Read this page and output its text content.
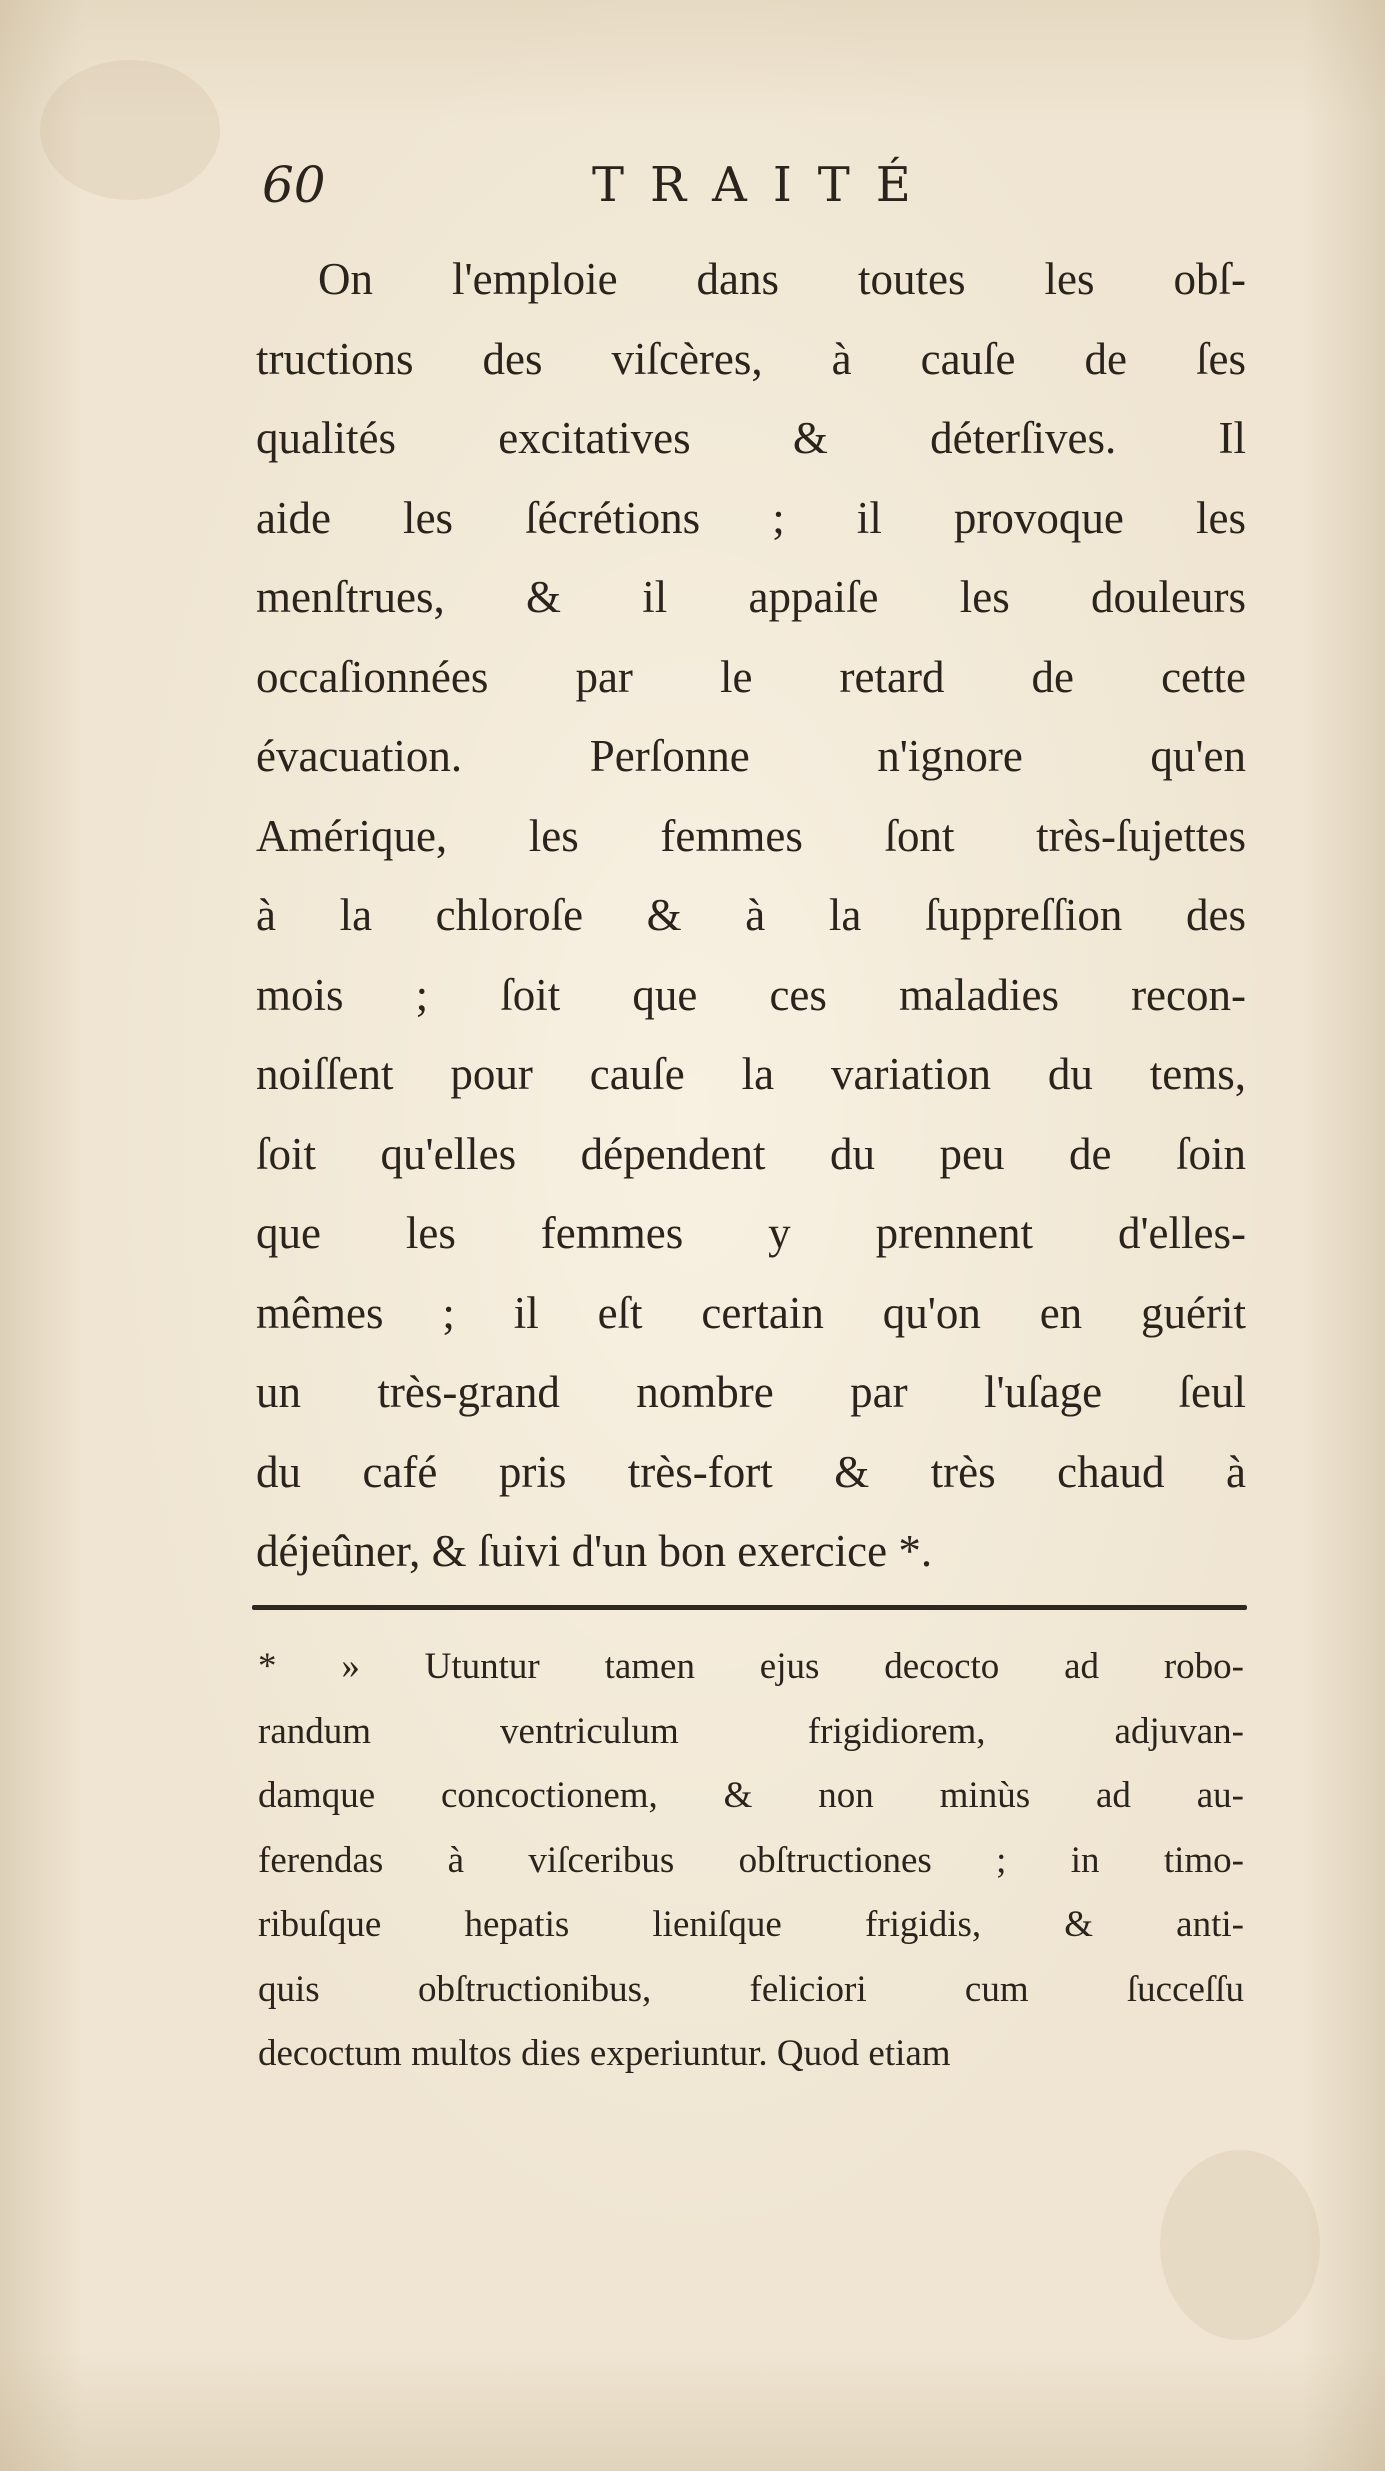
60	TRAITÉ
On l'emploie dans toutes les obſ-
tructions des viſcères, à cauſe de ſes
qualités excitatives & déterſives. Il
aide les ſécrétions ; il provoque les
menſtrues, & il appaiſe les douleurs
occaſionnées par le retard de cette
évacuation. Perſonne n'ignore qu'en
Amérique, les femmes ſont très-ſujettes
à la chloroſe & à la ſuppreſſion des
mois ; ſoit que ces maladies recon-
noiſſent pour cauſe la variation du tems,
ſoit qu'elles dépendent du peu de ſoin
que les femmes y prennent d'elles-
mêmes ; il eſt certain qu'on en guérit
un très-grand nombre par l'uſage ſeul
du café pris très-fort & très chaud à
déjeûner, & ſuivi d'un bon exercice *.
* » Utuntur tamen ejus decocto ad robo-
randum ventriculum frigidiorem, adjuvan-
damque concoctionem, & non minùs ad au-
ferendas à viſceribus obſtructiones ; in timo-
ribuſque hepatis lieniſque frigidis, & anti-
quis obſtructionibus, feliciori cum ſucceſſu
decoctum multos dies experiuntur. Quod etiam
